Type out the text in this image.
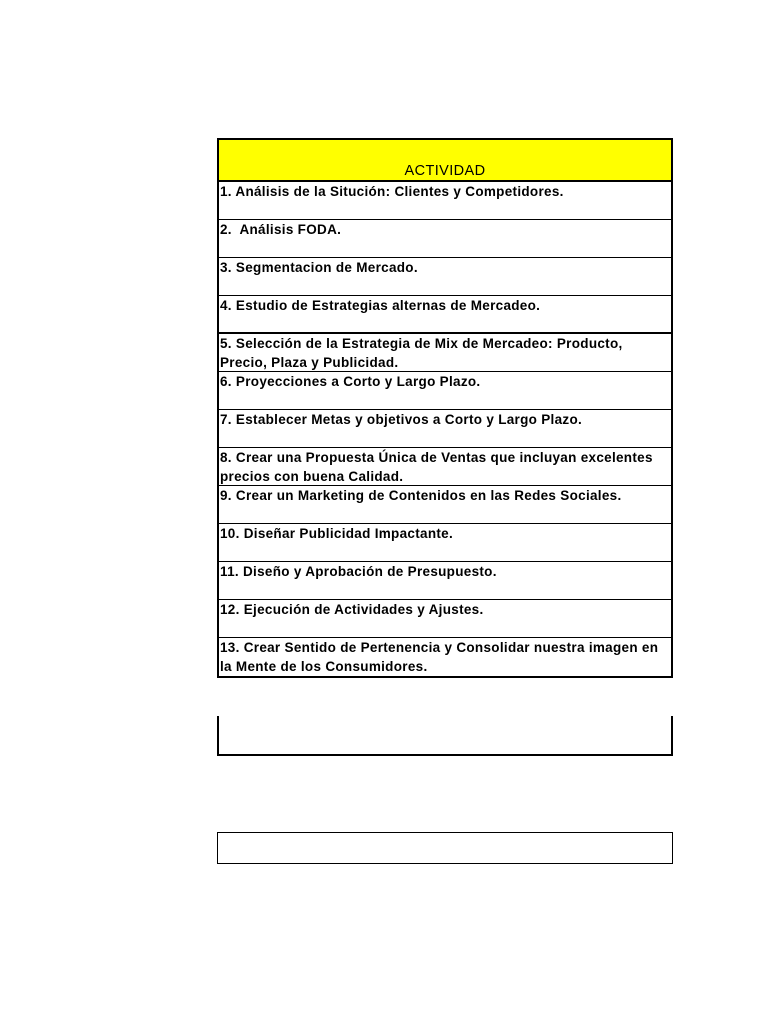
ACTIVIDAD
1. Análisis de la Situción: Clientes y Competidores.
2.  Análisis FODA.
3. Segmentacion de Mercado.
4. Estudio de Estrategias alternas de Mercadeo.
5. Selección de la Estrategia de Mix de Mercadeo: Producto, Precio, Plaza y Publicidad.
6. Proyecciones a Corto y Largo Plazo.
7. Establecer Metas y objetivos a Corto y Largo Plazo.
8. Crear una Propuesta Única de Ventas que incluyan excelentes precios con buena Calidad.
9. Crear un Marketing de Contenidos en las Redes Sociales.
10. Diseñar Publicidad Impactante.
11. Diseño y Aprobación de Presupuesto.
12. Ejecución de Actividades y Ajustes.
13. Crear Sentido de Pertenencia y Consolidar nuestra imagen en la Mente de los Consumidores.
